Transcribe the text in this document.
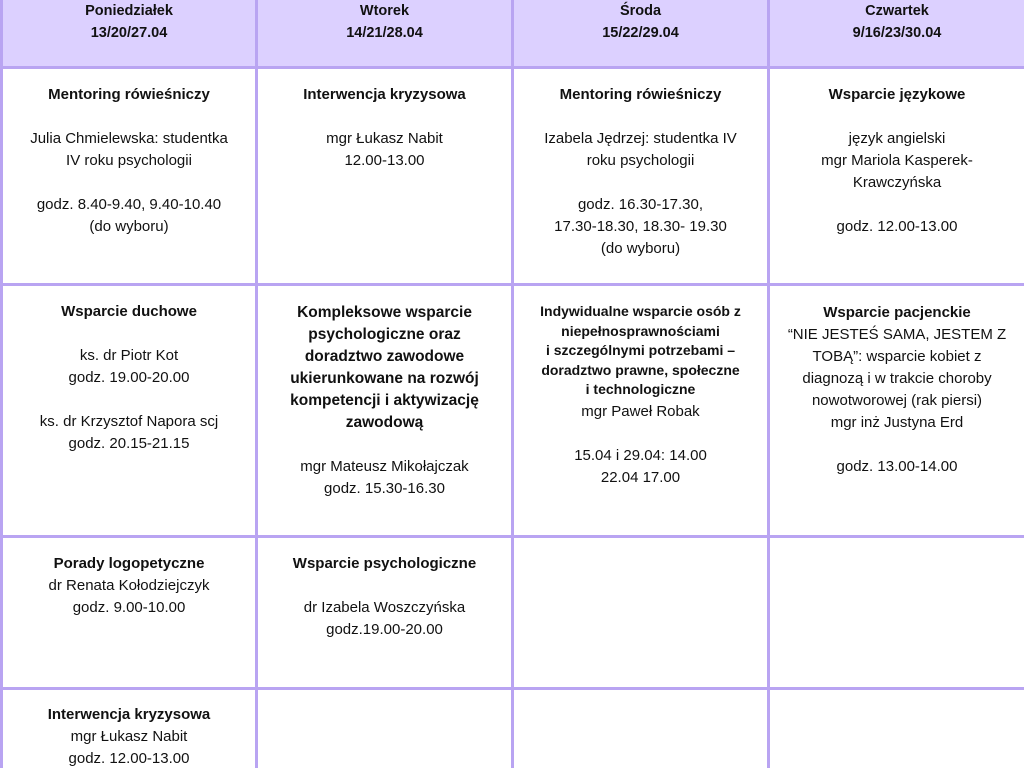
Poniedziałek
13/20/27.04
Wtorek
14/21/28.04
Środa
15/22/29.04
Czwartek
9/16/23/30.04
Mentoring rówieśniczy
Julia Chmielewska: studentka
IV roku psychologii
godz. 8.40-9.40, 9.40-10.40
(do wyboru)
Interwencja kryzysowa
mgr Łukasz Nabit
12.00-13.00
Mentoring rówieśniczy
Izabela Jędrzej: studentka IV
roku psychologii
godz. 16.30-17.30,
17.30-18.30, 18.30- 19.30
(do wyboru)
Wsparcie językowe
język angielski
mgr Mariola Kasperek-
Krawczyńska
godz. 12.00-13.00
Wsparcie duchowe
ks. dr Piotr Kot
godz. 19.00-20.00
ks. dr Krzysztof Napora scj
godz. 20.15-21.15
Kompleksowe wsparcie
psychologiczne oraz
doradztwo zawodowe
ukierunkowane na rozwój
kompetencji i aktywizację
zawodową
mgr Mateusz Mikołajczak
godz. 15.30-16.30
Indywidualne wsparcie osób z
niepełnosprawnościami
i szczególnymi potrzebami –
doradztwo prawne, społeczne
i technologiczne
mgr Paweł Robak
15.04 i 29.04: 14.00
22.04 17.00
Wsparcie pacjenckie
“NIE JESTEŚ SAMA, JESTEM Z
TOBĄ”: wsparcie kobiet z
diagnozą i w trakcie choroby
nowotworowej (rak piersi)
mgr inż Justyna Erd
godz. 13.00-14.00
Porady logopetyczne
dr Renata Kołodziejczyk
godz. 9.00-10.00
Wsparcie psychologiczne
dr Izabela Woszczyńska
godz.19.00-20.00
Interwencja kryzysowa
mgr Łukasz Nabit
godz. 12.00-13.00
